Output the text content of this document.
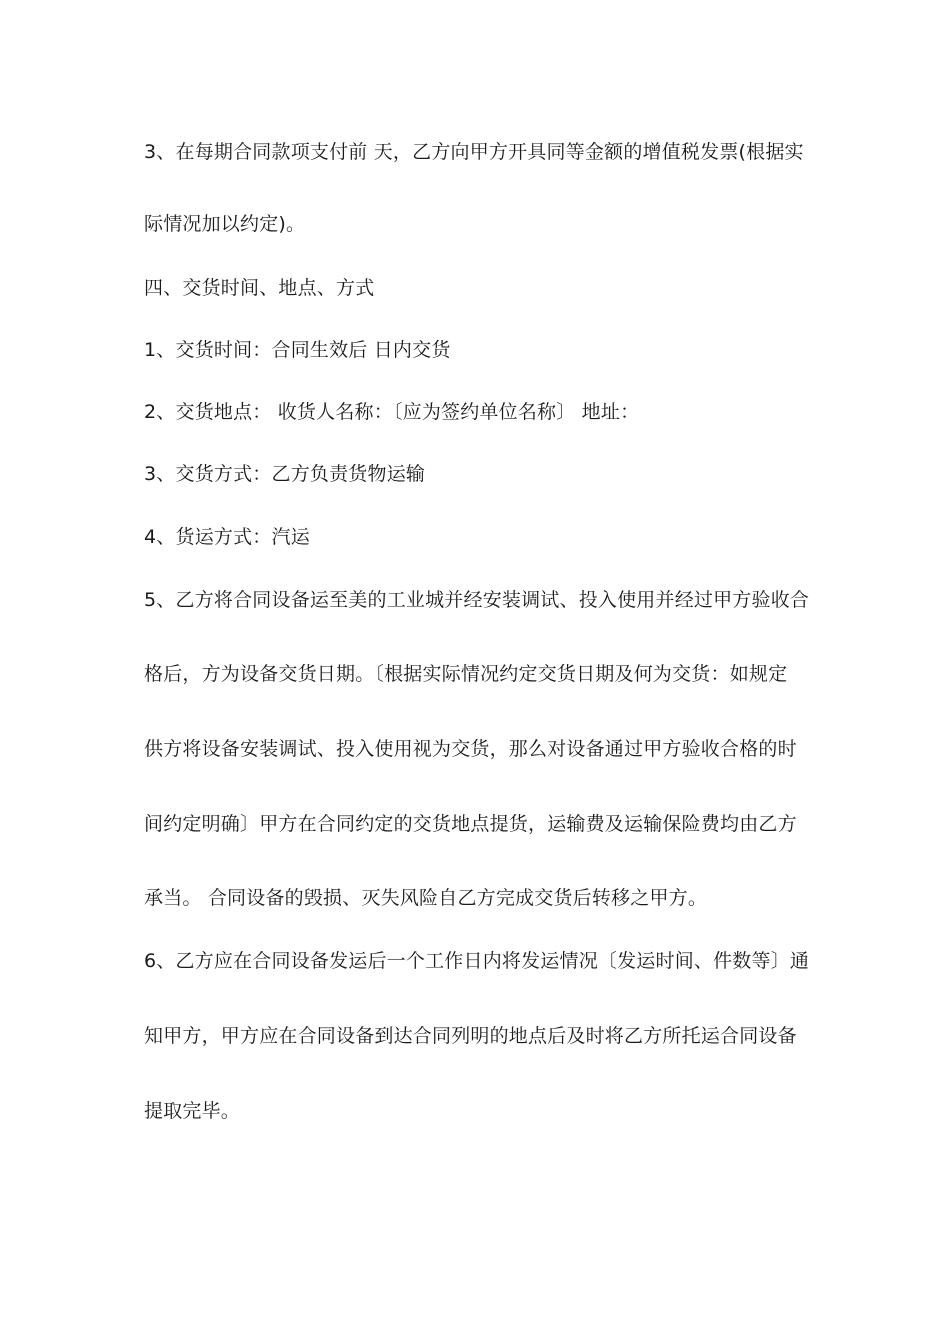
3、在每期合同款项支付前 天，乙方向甲方开具同等金额的增值税发票(根据实
际情况加以约定)。
四、交货时间、地点、方式
1、交货时间：合同生效后 日内交货
2、交货地点： 收货人名称：〔应为签约单位名称〕 地址：
3、交货方式：乙方负责货物运输
4、货运方式：汽运
5、乙方将合同设备运至美的工业城并经安装调试、投入使用并经过甲方验收合
格后，方为设备交货日期。〔根据实际情况约定交货日期及何为交货：如规定
供方将设备安装调试、投入使用视为交货，那么对设备通过甲方验收合格的时
间约定明确〕甲方在合同约定的交货地点提货，运输费及运输保险费均由乙方
承当。 合同设备的毁损、灭失风险自乙方完成交货后转移之甲方。
6、乙方应在合同设备发运后一个工作日内将发运情况〔发运时间、件数等〕通
知甲方，甲方应在合同设备到达合同列明的地点后及时将乙方所托运合同设备
提取完毕。
